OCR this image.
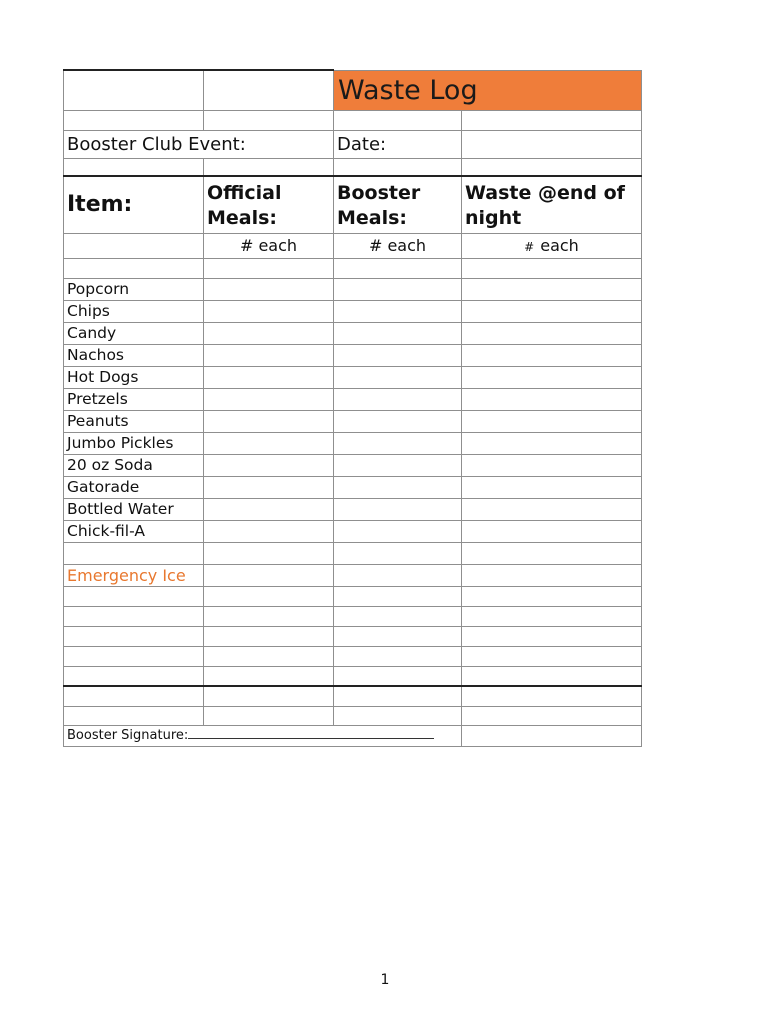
		Waste Log	

Booster Club Event:		Date:	

Item:	Official Meals:	Booster Meals:	Waste @end of night
	# each	# each	# each

Popcorn			
Chips			
Candy			
Nachos			
Hot Dogs			
Pretzels			
Peanuts			
Jumbo Pickles			
20 oz Soda			
Gatorade			
Bottled Water			
Chick-fil-A			

Emergency Ice			

Booster Signature:			
1
